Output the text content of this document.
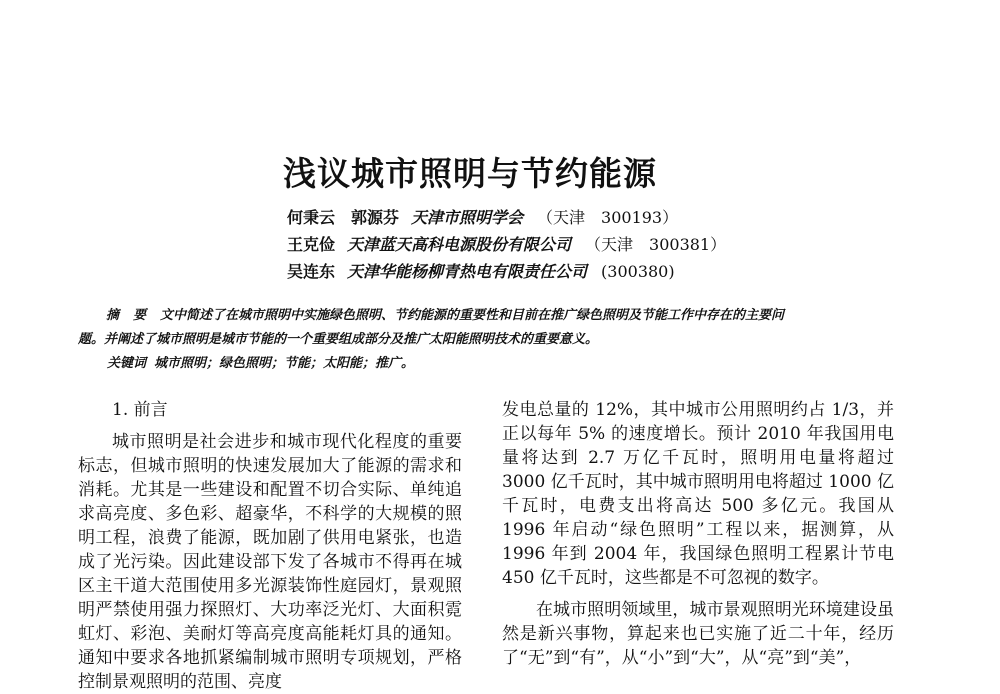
浅议城市照明与节约能源
何秉云　郭源芬 天津市照明学会 （天津　300193）
王克俭 天津蓝天高科电源股份有限公司 （天津　300381）
吴连东 天津华能杨柳青热电有限责任公司 (300380)
摘要文中简述了在城市照明中实施绿色照明、节约能源的重要性和目前在推广绿色照明及节能工作中存在的主要问
题。并阐述了城市照明是城市节能的一个重要组成部分及推广太阳能照明技术的重要意义。
关键词 城市照明；绿色照明；节能；太阳能；推广。

1. 前言

城市照明是社会进步和城市现代化程度的重要标志，但城市照明的快速发展加大了能源的需求和消耗。尤其是一些建设和配置不切合实际、单纯追求高亮度、多色彩、超豪华，不科学的大规模的照明工程，浪费了能源，既加剧了供用电紧张，也造成了光污染。因此建设部下发了各城市不得再在城区主干道大范围使用多光源装饰性庭园灯，景观照明严禁使用强力探照灯、大功率泛光灯、大面积霓虹灯、彩泡、美耐灯等高亮度高能耗灯具的通知。通知中要求各地抓紧编制城市照明专项规划，严格控制景观照明的范围、亮度

发电总量的 12%，其中城市公用照明约占 1/3，并正以每年 5% 的速度增长。预计 2010 年我国用电量将达到 2.7 万亿千瓦时，照明用电量将超过 3000 亿千瓦时，其中城市照明用电将超过 1000 亿千瓦时，电费支出将高达 500 多亿元。我国从 1996 年启动“绿色照明”工程以来，据测算，从 1996 年到 2004 年，我国绿色照明工程累计节电 450 亿千瓦时，这些都是不可忽视的数字。

在城市照明领域里，城市景观照明光环境建设虽然是新兴事物，算起来也已实施了近二十年，经历了“无”到“有”，从“小”到“大”，从“亮”到“美”，
